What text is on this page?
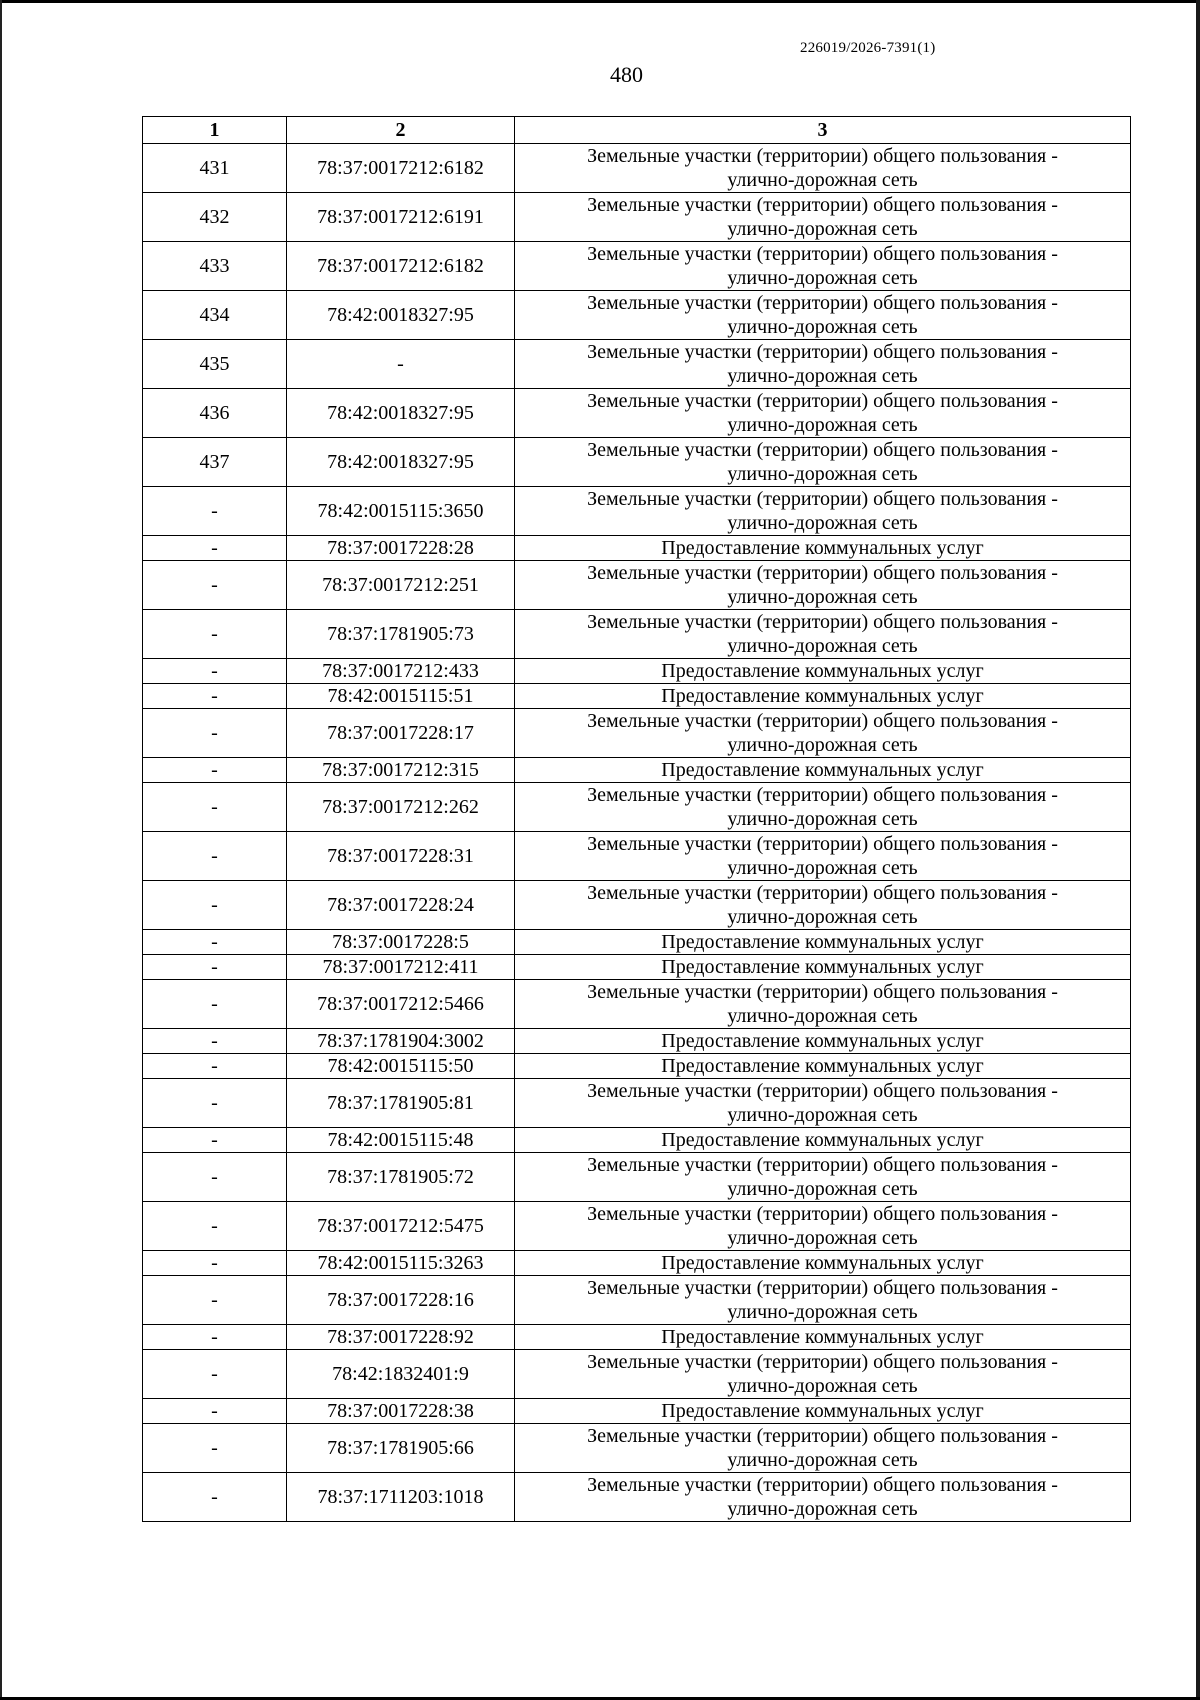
226019/2026-7391(1)
480
1	2	3
431	78:37:0017212:6182	Земельные участки (территории) общего пользования -
улично-дорожная сеть

432	78:37:0017212:6191	Земельные участки (территории) общего пользования -
улично-дорожная сеть

433	78:37:0017212:6182	Земельные участки (территории) общего пользования -
улично-дорожная сеть

434	78:42:0018327:95	Земельные участки (территории) общего пользования -
улично-дорожная сеть

435	-	Земельные участки (территории) общего пользования -
улично-дорожная сеть

436	78:42:0018327:95	Земельные участки (территории) общего пользования -
улично-дорожная сеть

437	78:42:0018327:95	Земельные участки (территории) общего пользования -
улично-дорожная сеть

-	78:42:0015115:3650	Земельные участки (территории) общего пользования -
улично-дорожная сеть

-	78:37:0017228:28	Предоставление коммунальных услуг

-	78:37:0017212:251	Земельные участки (территории) общего пользования -
улично-дорожная сеть

-	78:37:1781905:73	Земельные участки (территории) общего пользования -
улично-дорожная сеть

-	78:37:0017212:433	Предоставление коммунальных услуг

-	78:42:0015115:51	Предоставление коммунальных услуг

-	78:37:0017228:17	Земельные участки (территории) общего пользования -
улично-дорожная сеть

-	78:37:0017212:315	Предоставление коммунальных услуг

-	78:37:0017212:262	Земельные участки (территории) общего пользования -
улично-дорожная сеть

-	78:37:0017228:31	Земельные участки (территории) общего пользования -
улично-дорожная сеть

-	78:37:0017228:24	Земельные участки (территории) общего пользования -
улично-дорожная сеть

-	78:37:0017228:5	Предоставление коммунальных услуг

-	78:37:0017212:411	Предоставление коммунальных услуг

-	78:37:0017212:5466	Земельные участки (территории) общего пользования -
улично-дорожная сеть

-	78:37:1781904:3002	Предоставление коммунальных услуг

-	78:42:0015115:50	Предоставление коммунальных услуг

-	78:37:1781905:81	Земельные участки (территории) общего пользования -
улично-дорожная сеть

-	78:42:0015115:48	Предоставление коммунальных услуг

-	78:37:1781905:72	Земельные участки (территории) общего пользования -
улично-дорожная сеть

-	78:37:0017212:5475	Земельные участки (территории) общего пользования -
улично-дорожная сеть

-	78:42:0015115:3263	Предоставление коммунальных услуг

-	78:37:0017228:16	Земельные участки (территории) общего пользования -
улично-дорожная сеть

-	78:37:0017228:92	Предоставление коммунальных услуг

-	78:42:1832401:9	Земельные участки (территории) общего пользования -
улично-дорожная сеть

-	78:37:0017228:38	Предоставление коммунальных услуг

-	78:37:1781905:66	Земельные участки (территории) общего пользования -
улично-дорожная сеть

-	78:37:1711203:1018	Земельные участки (территории) общего пользования -
улично-дорожная сеть
